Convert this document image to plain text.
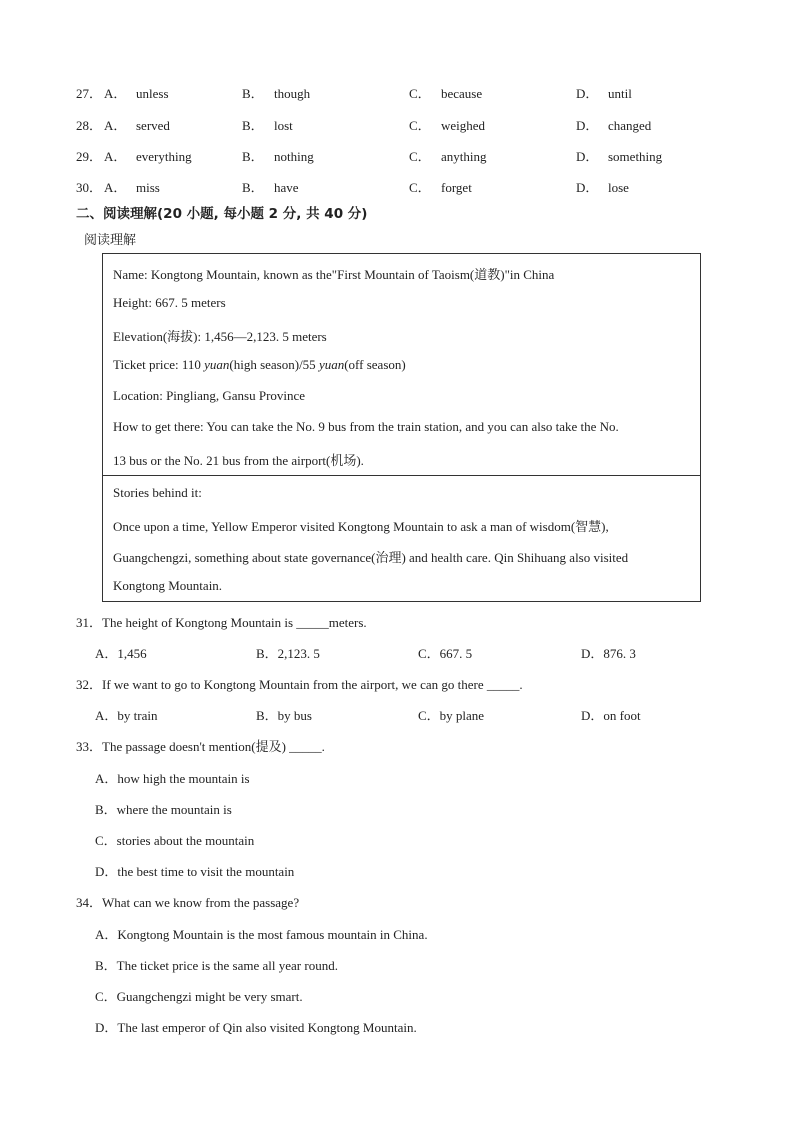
27． A． unless	B． though	C． because	D． until
28． A． served	B． lost	C． weighed	D． changed
29． A． everything	B． nothing	C． anything	D． something
30． A． miss	B． have	C． forget	D． lose
二、阅读理解(20 小题, 每小题 2 分, 共 40 分)
阅读理解
Name: Kongtong Mountain, known as the"First Mountain of Taoism(道教)"in China
Height: 667. 5 meters
Elevation(海拔): 1,456—2,123. 5 meters
Ticket price: 110 yuan(high season)/55 yuan(off season)
Location: Pingliang, Gansu Province
How to get there: You can take the No. 9 bus from the train station, and you can also take the No.
13 bus or the No. 21 bus from the airport(机场).
Stories behind it:
Once upon a time, Yellow Emperor visited Kongtong Mountain to ask a man of wisdom(智慧),
Guangchengzi, something about state governance(治理) and health care. Qin Shihuang also visited
Kongtong Mountain.
31．The height of Kongtong Mountain is _____meters.
A．1,456	B．2,123. 5	C．667. 5	D．876. 3
32．If we want to go to Kongtong Mountain from the airport, we can go there _____.
A．by train	B．by bus	C．by plane	D．on foot
33．The passage doesn't mention(提及) _____.
A．how high the mountain is
B．where the mountain is
C．stories about the mountain
D．the best time to visit the mountain
34．What can we know from the passage?
A．Kongtong Mountain is the most famous mountain in China.
B．The ticket price is the same all year round.
C．Guangchengzi might be very smart.
D．The last emperor of Qin also visited Kongtong Mountain.
